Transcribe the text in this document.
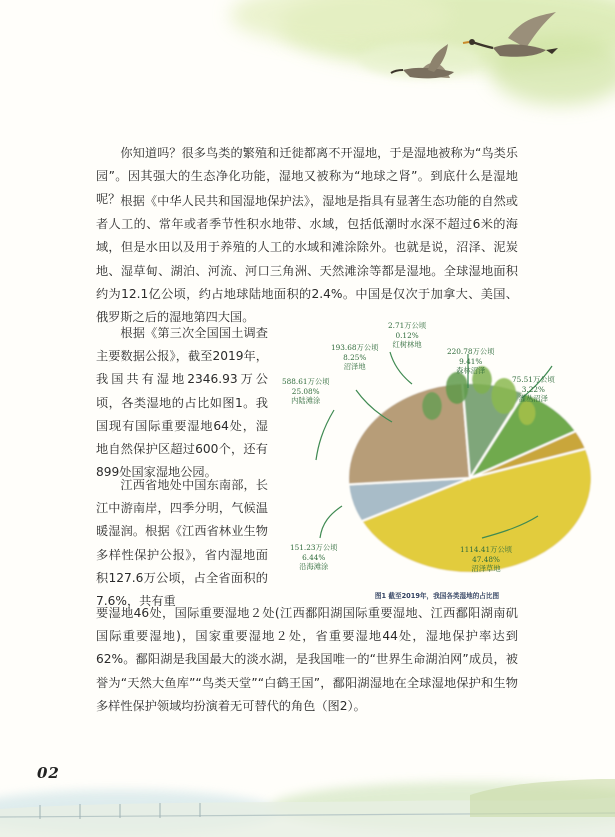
你知道吗？很多鸟类的繁殖和迁徙都离不开湿地，于是湿地被称为“鸟类乐园”。因其强大的生态净化功能，湿地又被称为“地球之肾”。到底什么是湿地呢？ 根据《中华人民共和国湿地保护法》，湿地是指具有显著生态功能的自然或者人工的、常年或者季节性积水地带、水域，包括低潮时水深不超过6米的海域，但是水田以及用于养殖的人工的水域和滩涂除外。也就是说，沼泽、泥炭地、湿草甸、湖泊、河流、河口三角洲、天然滩涂等都是湿地。全球湿地面积约为12.1亿公顷，约占地球陆地面积的2.4%。中国是仅次于加拿大、美国、俄罗斯之后的湿地第四大国。
根据《第三次全国国土调查主要数据公报》，截至2019年，我国共有湿地2346.93万公顷，各类湿地的占比如图1。我国现有国际重要湿地64处，湿地自然保护区超过600个，还有899处国家湿地公园。
江西省地处中国东南部，长江中游南岸，四季分明，气候温暖湿润。根据《江西省林业生物多样性保护公报》，省内湿地面积127.6万公顷，占全省面积的7.6%，共有重
要湿地46处，国际重要湿地２处(江西鄱阳湖国际重要湿地、江西鄱阳湖南矶国际重要湿地)，国家重要湿地２处，省重要湿地44处，湿地保护率达到62%。鄱阳湖是我国最大的淡水湖，是我国唯一的“世界生命湖泊网”成员，被誉为“天然大鱼库”“鸟类天堂”“白鹤王国”，鄱阳湖湿地在全球湿地保护和生物多样性保护领域均扮演着无可替代的角色（图2）。
2.71万公顷
0.12%
红树林地
193.68万公顷
8.25%
沼泽地
220.78万公顷
9.41%
森林沼泽
588.61万公顷
25.08%
内陆滩涂
75.51万公顷
3.22%
灌丛沼泽
151.23万公顷
6.44%
沿海滩涂
1114.41万公顷
47.48%
沼泽草地
图1 截至2019年，我国各类湿地的占比图
02
